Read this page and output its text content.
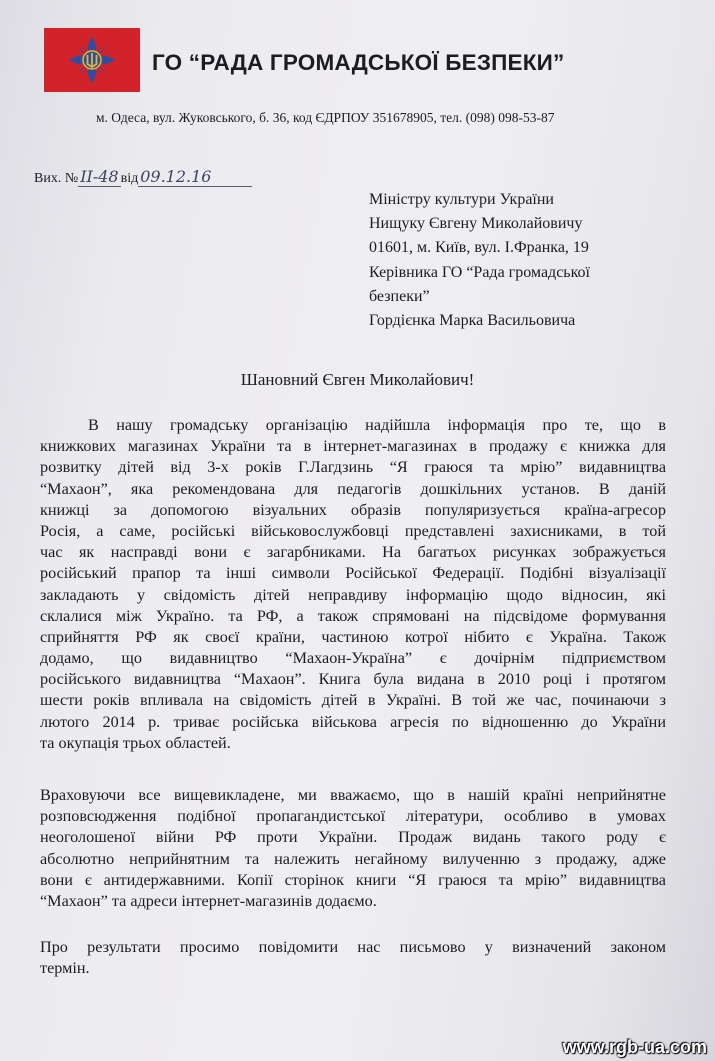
ГО “РАДА ГРОМАДСЬКОЇ БЕЗПЕКИ”
м. Одеса, вул. Жуковського, б. 36, код ЄДРПОУ 351678905, тел. (098) 098-53-87
Вих. № ІІ-48 від 09.12.16
Міністру культури України
Нищуку Євгену Миколайовичу
01601, м. Київ, вул. І.Франка, 19
Керівника ГО “Рада громадської
безпеки”
Гордієнка Марка Васильовича
Шановний Євген Миколайович!
В нашу громадську організацію надійшла інформація про те, що в
книжкових магазинах України та в інтернет-магазинах в продажу є книжка для
розвитку дітей від 3-х років Г.Лагдзинь “Я граюся та мрію” видавництва
“Махаон”, яка рекомендована для педагогів дошкільних установ. В даній
книжці за допомогою візуальних образів популяризується країна-агресор
Росія, а саме, російські військовослужбовці представлені захисниками, в той
час як насправді вони є загарбниками. На багатьох рисунках зображується
російський прапор та інші символи Російської Федерації. Подібні візуалізації
закладають у свідомість дітей неправдиву інформацію щодо відносин, які
склалися між Україно. та РФ, а також спрямовані на підсвідоме формування
сприйняття РФ як своєї країни, частиною котрої нібито є Україна. Також
додамо, що видавництво “Махаон-Україна” є дочірнім підприємством
російського видавництва “Махаон”. Книга була видана в 2010 році і протягом
шести років впливала на свідомість дітей в Україні. В той же час, починаючи з
лютого 2014 р. триває російська військова агресія по відношенню до України
та окупація трьох областей.
Враховуючи все вищевикладене, ми вважаємо, що в нашій країні неприйнятне
розповсюдження подібної пропагандистської літератури, особливо в умовах
неоголошеної війни РФ проти України. Продаж видань такого роду є
абсолютно неприйнятним та належить негайному вилученню з продажу, адже
вони є антидержавними. Копії сторінок книги “Я граюся та мрію” видавництва
“Махаон” та адреси інтернет-магазинів додаємо.
Про результати просимо повідомити нас письмово у визначений законом
термін.
www.rgb-ua.com
